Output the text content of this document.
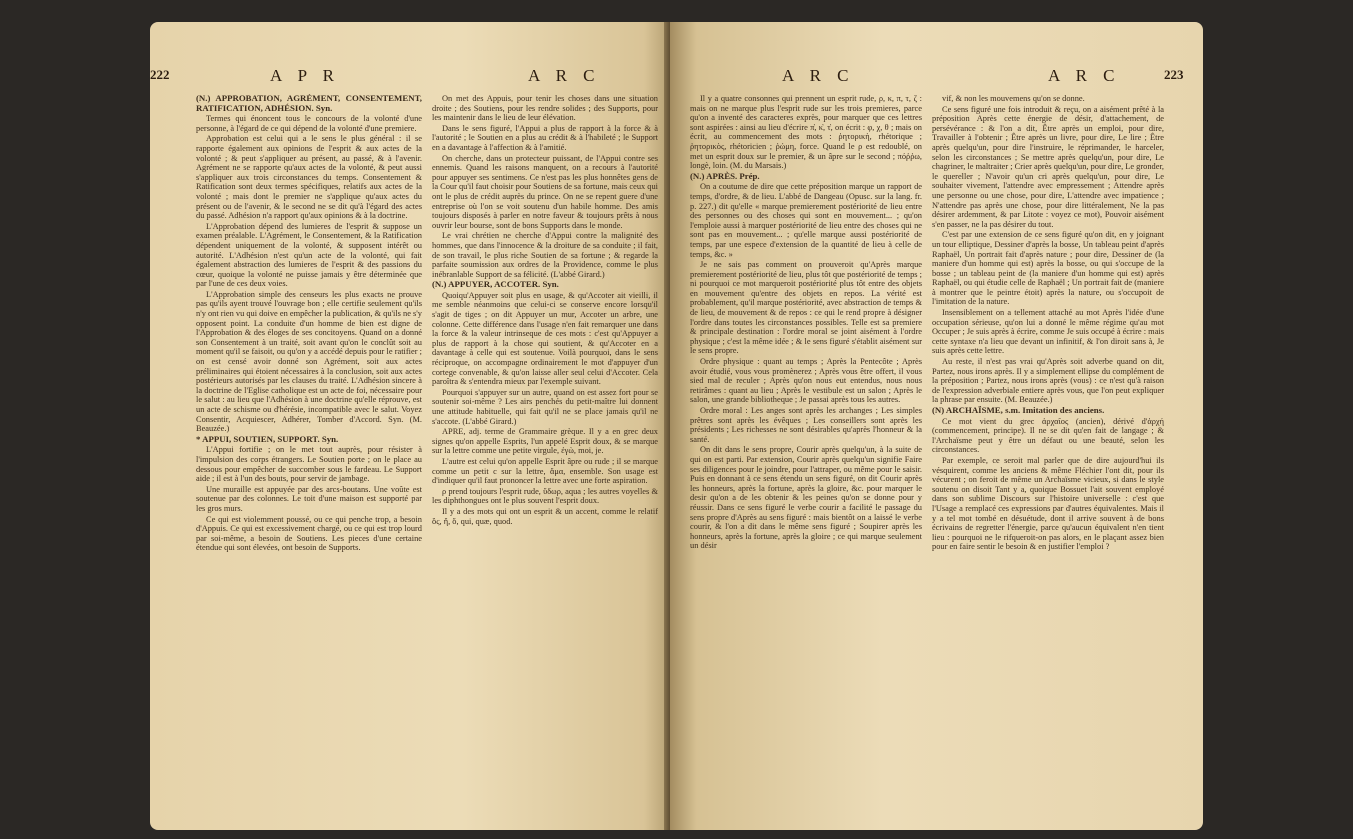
222	A P R	A R C

(N.) APPROBATION, AGRÉMENT, CONSENTEMENT, RATIFICATION, ADHÉSION. Syn.

Termes qui énoncent tous le concours de la volonté d'une personne, à l'égard de ce qui dépend de la volonté d'une premiere.

Approbation est celui qui a le sens le plus général : il se rapporte également aux opinions de l'esprit & aux actes de la volonté ; & peut s'appliquer au présent, au passé, & à l'avenir. Agrément ne se rapporte qu'aux actes de la volonté, & peut aussi s'appliquer aux trois circonstances du temps. Consentement & Ratification sont deux termes spécifiques, relatifs aux actes de la volonté ; mais dont le premier ne s'applique qu'aux actes du présent ou de l'avenir, & le second ne se dit qu'à l'égard des actes du passé. Adhésion n'a rapport qu'aux opinions & à la doctrine.

L'Approbation dépend des lumieres de l'esprit & suppose un examen préalable. L'Agrément, le Consentement, & la Ratification dépendent uniquement de la volonté, & supposent intérêt ou autorité. L'Adhésion n'est qu'un acte de la volonté, qui fait également abstraction des lumieres de l'esprit & des passions du cœur, quoique la volonté ne puisse jamais y être déterminée que par l'une de ces deux voies.

L'Approbation simple des censeurs les plus exacts ne prouve pas qu'ils ayent trouvé l'ouvrage bon ; elle certifie seulement qu'ils n'y ont rien vu qui doive en empêcher la publication, & qu'ils ne s'y opposent point. La conduite d'un homme de bien est digne de l'Approbation & des éloges de ses concitoyens. Quand on a donné son Consentement à un traité, soit avant qu'on le conclût soit au moment qu'il se faisoit, ou qu'on y a accédé depuis pour le ratifier ; on est censé avoir donné son Agrément, soit aux actes préliminaires qui étoient nécessaires à la conclusion, soit aux actes postérieurs autorisés par les clauses du traité. L'Adhésion sincere à la doctrine de l'Eglise catholique est un acte de foi, nécessaire pour le salut : au lieu que l'Adhésion à une doctrine qu'elle réprouve, est un acte de schisme ou d'hérésie, incompatible avec le salut. Voyez Consentir, Acquiescer, Adhérer, Tomber d'Accord. Syn. (M. Beauzée.)

* APPUI, SOUTIEN, SUPPORT. Syn.

L'Appui fortifie ; on le met tout auprès, pour résister à l'impulsion des corps étrangers. Le Soutien porte ; on le place au dessous pour empêcher de succomber sous le fardeau. Le Support aide ; il est à l'un des bouts, pour servir de jambage.

Une muraille est appuyée par des arcs-boutans. Une voûte est soutenue par des colonnes. Le toit d'une maison est supporté par les gros murs.

Ce qui est violemment poussé, ou ce qui penche trop, a besoin d'Appuis. Ce qui est excessivement chargé, ou ce qui est trop lourd par soi-même, a besoin de Soutiens. Les pieces d'une certaine étendue qui sont élevées, ont besoin de Supports.

On met des Appuis, pour tenir les choses dans une situation droite ; des Soutiens, pour les rendre solides ; des Supports, pour les maintenir dans le lieu de leur élévation.

Dans le sens figuré, l'Appui a plus de rapport à la force & à l'autorité ; le Soutien en a plus au crédit & à l'habileté ; le Support en a davantage à l'affection & à l'amitié.

On cherche, dans un protecteur puissant, de l'Appui contre ses ennemis. Quand les raisons manquent, on a recours à l'autorité pour appuyer ses sentimens. Ce n'est pas les plus honnêtes gens de la Cour qu'il faut choisir pour Soutiens de sa fortune, mais ceux qui ont le plus de crédit auprès du prince. On ne se repent guere d'une entreprise où l'on se voit soutenu d'un habile homme. Des amis toujours disposés à parler en notre faveur & toujours prêts à nous ouvrir leur bourse, sont de bons Supports dans le monde.

Le vrai chrétien ne cherche d'Appui contre la malignité des hommes, que dans l'innocence & la droiture de sa conduite ; il fait, de son travail, le plus riche Soutien de sa fortune ; & regarde la parfaite soumission aux ordres de la Providence, comme le plus inébranlable Support de sa félicité. (L'abbé Girard.)

(N.) APPUYER, ACCOTER. Syn.

Quoiqu'Appuyer soit plus en usage, & qu'Accoter ait vieilli, il me semble néanmoins que celui-ci se conserve encore lorsqu'il s'agit de tiges ; on dit Appuyer un mur, Accoter un arbre, une colonne. Cette différence dans l'usage n'en fait remarquer une dans la force & la valeur intrinseque de ces mots : c'est qu'Appuyer a plus de rapport à la chose qui soutient, & qu'Accoter en a davantage à celle qui est soutenue. Voilà pourquoi, dans le sens réciproque, on accompagne ordinairement le mot d'appuyer d'un cortege convenable, & qu'on laisse aller seul celui d'Accoter. Cela paroîtra & s'entendra mieux par l'exemple suivant.

Pourquoi s'appuyer sur un autre, quand on est assez fort pour se soutenir soi-même ? Les airs penchés du petit-maître lui donnent une attitude habituelle, qui fait qu'il ne se place jamais qu'il ne s'accote. (L'abbé Girard.)

APRE, adj. terme de Grammaire grèque. Il y a en grec deux signes qu'on appelle Esprits, l'un appelé Esprit doux, & se marque sur la lettre comme une petite virgule, ἐγὼ, moi, je.

L'autre est celui qu'on appelle Esprit âpre ou rude ; il se marque comme un petit c sur la lettre, ἅμα, ensemble. Son usage est d'indiquer qu'il faut prononcer la lettre avec une forte aspiration.

ρ prend toujours l'esprit rude, ὕδωρ, aqua ; les autres voyelles & les diphthongues ont le plus souvent l'esprit doux.

Il y a des mots qui ont un esprit & un accent, comme le relatif ὃς, ἥ, ὅ, qui, quæ, quod.

A R C	A R C	223

Il y a quatre consonnes qui prennent un esprit rude, ρ, κ, π, τ, ζ : mais on ne marque plus l'esprit rude sur les trois premieres, parce qu'on a inventé des caracteres exprès, pour marquer que ces lettres sont aspirées : ainsi au lieu d'écrire π̔, κ̔, τ̔, on écrit : φ, χ, θ ; mais on écrit, au commencement des mots : ῥητορικὴ, rhétorique ; ῥητορικὸς, rhétoricien ; ῥώμη, force. Quand le ρ est redoublé, on met un esprit doux sur le premier, & un âpre sur le second ; πόῤῥω, longè, loin. (M. du Marsais.)

(N.) APRÈS. Prép.

On a coutume de dire que cette préposition marque un rapport de temps, d'ordre, & de lieu. L'abbé de Dangeau (Opusc. sur la lang. fr. p. 227.) dit qu'elle « marque premierement postériorité de lieu entre des personnes ou des choses qui sont en mouvement... ; qu'on l'emploie aussi à marquer postériorité de lieu entre des choses qui ne sont pas en mouvement... ; qu'elle marque aussi postériorité de temps, par une espece d'extension de la quantité de lieu à celle de temps, &c. »

Je ne sais pas comment on prouveroit qu'Après marque premierement postériorité de lieu, plus tôt que postériorité de temps ; ni pourquoi ce mot marqueroit postériorité plus tôt entre des objets en mouvement qu'entre des objets en repos. La vérité est probablement, qu'il marque postériorité, avec abstraction de temps & de lieu, de mouvement & de repos : ce qui le rend propre à désigner l'ordre dans toutes les circonstances possibles. Telle est sa premiere & principale destination : l'ordre moral se joint aisément à l'ordre physique ; c'est la même idée ; & le sens figuré s'établit aisément sur le sens propre.

Ordre physique : quant au temps ; Après la Pentecôte ; Après avoir étudié, vous vous promènerez ; Après vous être offert, il vous sied mal de reculer ; Après qu'on nous eut entendus, nous nous retirâmes : quant au lieu ; Après le vestibule est un salon ; Après le salon, une grande bibliotheque ; Je passai après tous les autres.

Ordre moral : Les anges sont après les archanges ; Les simples prêtres sont après les évêques ; Les conseillers sont après les présidents ; Les richesses ne sont désirables qu'après l'honneur & la santé.

On dit dans le sens propre, Courir après quelqu'un, à la suite de qui on est parti. Par extension, Courir après quelqu'un signifie Faire ses diligences pour le joindre, pour l'attraper, ou même pour le saisir. Puis en donnant à ce sens étendu un sens figuré, on dit Courir après les honneurs, après la fortune, après la gloire, &c. pour marquer le desir qu'on a de les obtenir & les peines qu'on se donne pour y réussir. Dans ce sens figuré le verbe courir a facilité le passage du sens propre d'Après au sens figuré : mais bientôt on a laissé le verbe courir, & l'on a dit dans le même sens figuré ; Soupirer après les honneurs, après la fortune, après la gloire ; ce qui marque seulement un désir

vif, & non les mouvemens qu'on se donne.

Ce sens figuré une fois introduit & reçu, on a aisément prêté à la préposition Après cette énergie de désir, d'attachement, de persévérance : & l'on a dit, Être après un emploi, pour dire, Travailler à l'obtenir ; Être après un livre, pour dire, Le lire ; Être après quelqu'un, pour dire l'instruire, le réprimander, le harceler, selon les circonstances ; Se mettre après quelqu'un, pour dire, Le chagriner, le maltraiter ; Crier après quelqu'un, pour dire, Le gronder, le quereller ; N'avoir qu'un cri après quelqu'un, pour dire, Le souhaiter vivement, l'attendre avec empressement ; Attendre après une personne ou une chose, pour dire, L'attendre avec impatience ; N'attendre pas après une chose, pour dire littéralement, Ne la pas désirer ardemment, & par Litote : voyez ce mot), Pouvoir aisément s'en passer, ne la pas désirer du tout.

C'est par une extension de ce sens figuré qu'on dit, en y joignant un tour elliptique, Dessiner d'après la bosse, Un tableau peint d'après Raphaël, Un portrait fait d'après nature ; pour dire, Dessiner de (la maniere d'un homme qui est) après la bosse, ou qui s'occupe de la bosse ; un tableau peint de (la maniere d'un homme qui est) après Raphaël, ou qui étudie celle de Raphaël ; Un portrait fait de (maniere à montrer que le peintre étoit) après la nature, ou s'occupoit de l'imitation de la nature.

Insensiblement on a tellement attaché au mot Après l'idée d'une occupation sérieuse, qu'on lui a donné le même régime qu'au mot Occuper ; Je suis après à écrire, comme Je suis occupé à écrire : mais cette syntaxe n'a lieu que devant un infinitif, & l'on diroit sans à, Je suis après cette lettre.

Au reste, il n'est pas vrai qu'Après soit adverbe quand on dit, Partez, nous irons après. Il y a simplement ellipse du complément de la préposition ; Partez, nous irons après (vous) : ce n'est qu'à raison de l'expression adverbiale entiere après vous, que l'on peut expliquer la phrase par ensuite. (M. Beauzée.)

(N) ARCHAÏSME, s.m. Imitation des anciens.

Ce mot vient du grec ἀρχαῖος (ancien), dérivé d'ἀρχή (commencement, principe). Il ne se dit qu'en fait de langage ; & l'Archaïsme peut y être un défaut ou une beauté, selon les circonstances.

Par exemple, ce seroit mal parler que de dire aujourd'hui ils vésquirent, comme les anciens & même Fléchier l'ont dit, pour ils vécurent ; on feroit de même un Archaïsme vicieux, si dans le style soutenu on disoit Tant y a, quoique Bossuet l'ait souvent employé dans son sublime Discours sur l'histoire universelle : c'est que l'Usage a remplacé ces expressions par d'autres équivalentes. Mais il y a tel mot tombé en désuétude, dont il arrive souvent à de bons écrivains de regretter l'énergie, parce qu'aucun équivalent n'en tient lieu : pourquoi ne le rifqueroit-on pas alors, en le plaçant assez bien pour en faire sentir le besoin & en justifier l'emploi ?
